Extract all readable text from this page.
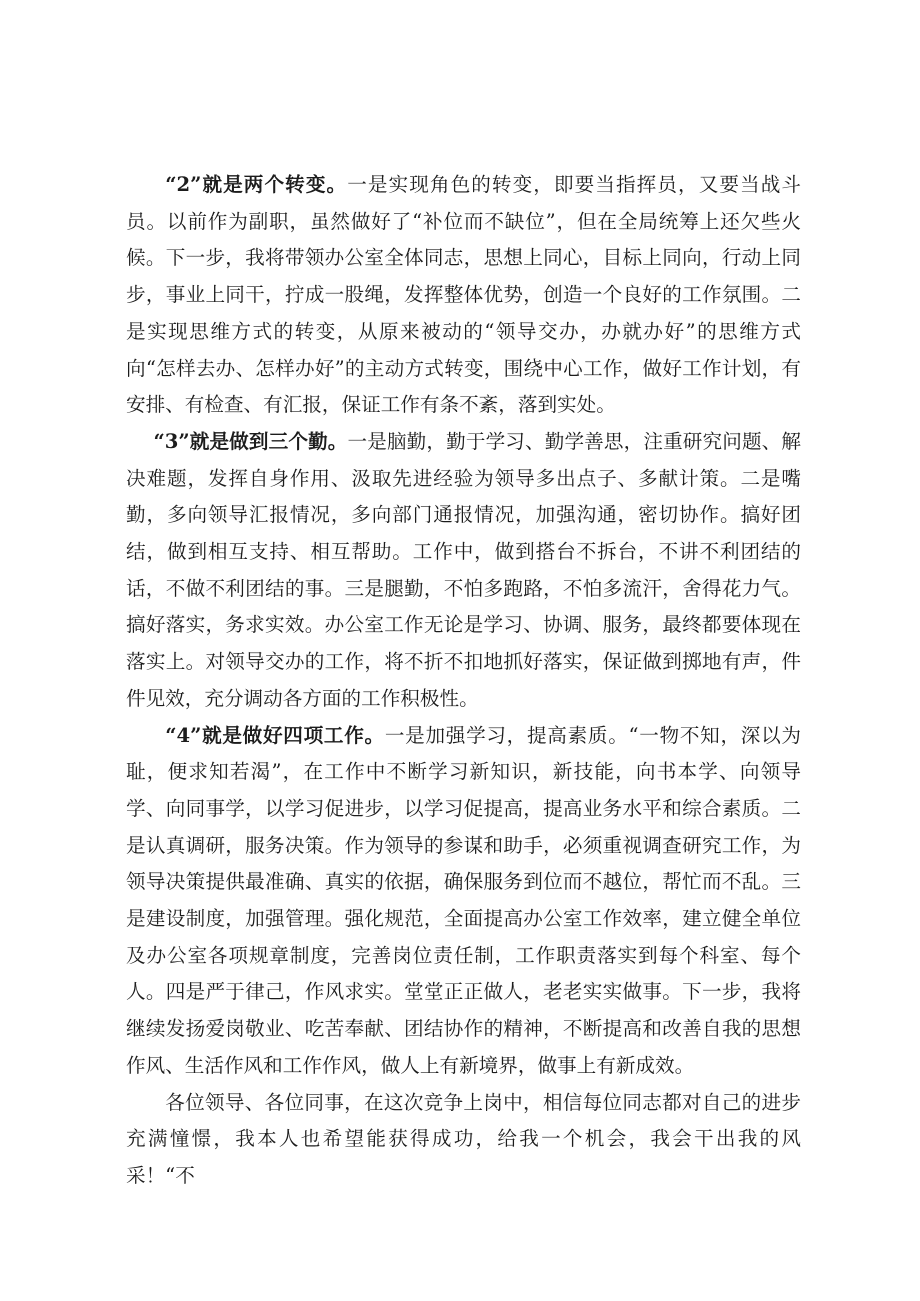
“2”就是两个转变。一是实现角色的转变，即要当指挥员，又要当战斗员。以前作为副职，虽然做好了“补位而不缺位”，但在全局统筹上还欠些火候。下一步，我将带领办公室全体同志，思想上同心，目标上同向，行动上同步，事业上同干，拧成一股绳，发挥整体优势，创造一个良好的工作氛围。二是实现思维方式的转变，从原来被动的“领导交办，办就办好”的思维方式向“怎样去办、怎样办好”的主动方式转变，围绕中心工作，做好工作计划，有安排、有检查、有汇报，保证工作有条不紊，落到实处。

“3”就是做到三个勤。一是脑勤，勤于学习、勤学善思，注重研究问题、解决难题，发挥自身作用、汲取先进经验为领导多出点子、多献计策。二是嘴勤，多向领导汇报情况，多向部门通报情况，加强沟通，密切协作。搞好团结，做到相互支持、相互帮助。工作中，做到搭台不拆台，不讲不利团结的话，不做不利团结的事。三是腿勤，不怕多跑路，不怕多流汗，舍得花力气。搞好落实，务求实效。办公室工作无论是学习、协调、服务，最终都要体现在落实上。对领导交办的工作，将不折不扣地抓好落实，保证做到掷地有声，件件见效，充分调动各方面的工作积极性。

“4”就是做好四项工作。一是加强学习，提高素质。“一物不知，深以为耻，便求知若渴”，在工作中不断学习新知识，新技能，向书本学、向领导学、向同事学，以学习促进步，以学习促提高，提高业务水平和综合素质。二是认真调研，服务决策。作为领导的参谋和助手，必须重视调查研究工作，为领导决策提供最准确、真实的依据，确保服务到位而不越位，帮忙而不乱。三是建设制度，加强管理。强化规范，全面提高办公室工作效率，建立健全单位及办公室各项规章制度，完善岗位责任制，工作职责落实到每个科室、每个人。四是严于律己，作风求实。堂堂正正做人，老老实实做事。下一步，我将继续发扬爱岗敬业、吃苦奉献、团结协作的精神，不断提高和改善自我的思想作风、生活作风和工作作风，做人上有新境界，做事上有新成效。

各位领导、各位同事，在这次竞争上岗中，相信每位同志都对自己的进步充满憧憬，我本人也希望能获得成功，给我一个机会，我会干出我的风采！“不
